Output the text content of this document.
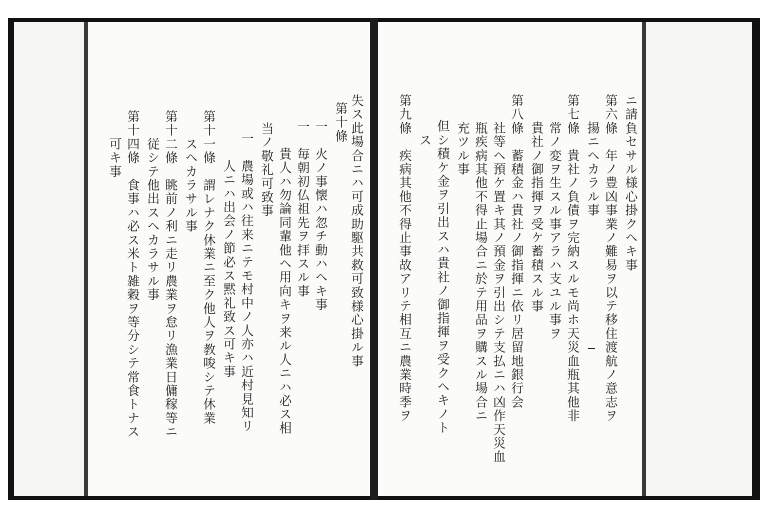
失ス此場合ニハ可成助駆共救可致様心掛ル事
第十條
一　火ノ事懐ハ忽チ動ハヘキ事
一　毎朝初仏祖先ヲ拝スル事
　　貴人ハ勿論同輩他ヘ用向キヲ来ル人ニハ必ス相
当ノ敬礼可致事
一　農場或ハ往来ニテモ村中ノ人亦ハ近村見知リ
　　人ニハ出会ノ節必ス黙礼致ス可キ事
第十一條　謂レナク休業ニ至ク他人ヲ教唆シテ休業
　　スヘカラサル事
第十二條　眺前ノ利ニ走リ農業ヲ怠リ漁業日傭稼等ニ
　　従シテ他出スヘカラサル事
第十四條　食事ハ必ス米ト雑穀ヲ等分シテ常食トナス
　　可キ事	ニ請負セサル様心掛クヘキ事
第六條　年ノ豊凶事業ノ難易ヲ以テ移住渡航ノ意志ヲ
　　揚ニヘカラル事
第七條　貴社ノ負債ヲ完納スルモ尚ホ天災血瓶其他非
　　常ノ変ヲ生スル事アラハ支ユル事ヲ
　　貴社ノ御指揮ヲ受ケ蓄積スル事
第八條　蓄積金ハ貴社ノ御指揮ニ依リ居留地銀行会
　　社等ヘ預ケ置キ其ノ預金ヲ引出シテ支払ニハ凶作天災血
　　瓶疾病其他不得止場合ニ於テ用品ヲ購スル場合ニ
　　充ツル事
　但シ積ケ金ヲ引出スハ貴社ノ御指揮ヲ受クヘキノト
　　ス
第九條　疾病其他不得止事故アリテ相互ニ農業時季ヲ
